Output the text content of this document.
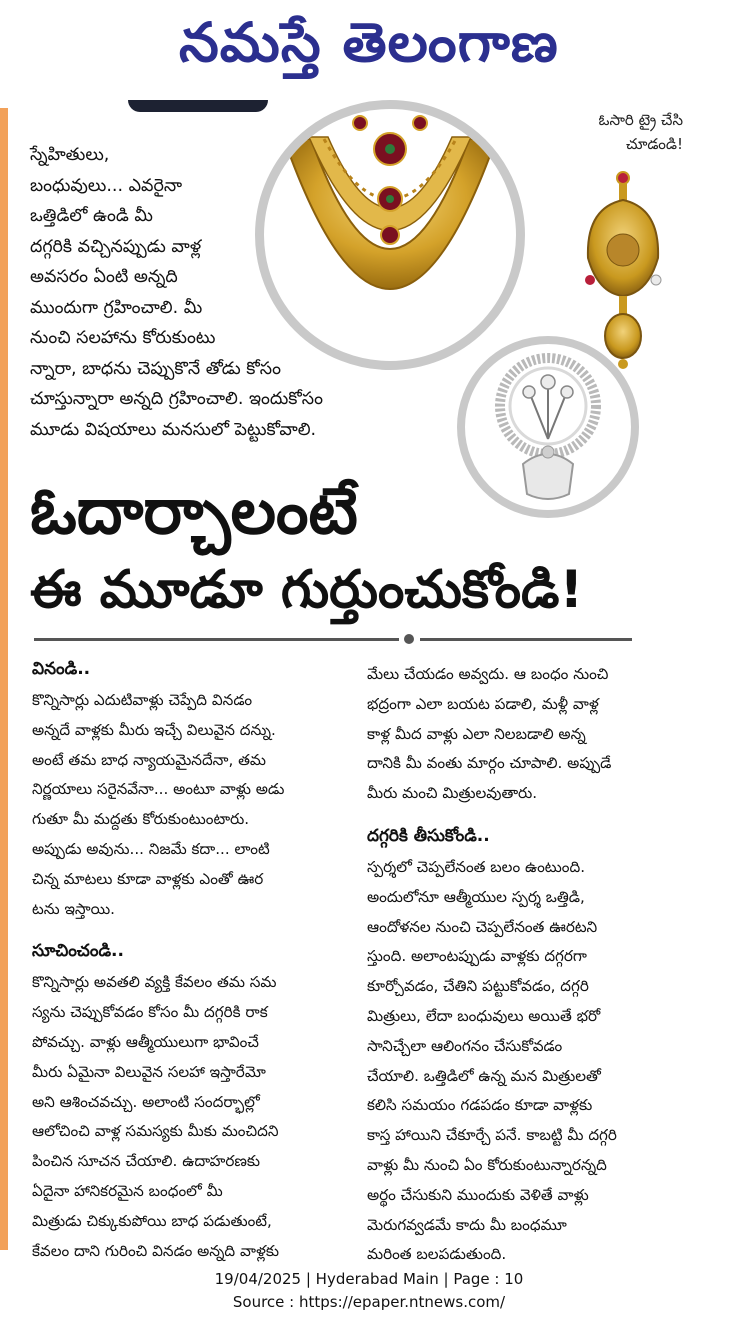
నమస్తే తెలంగాణ
ఓసారి ట్రై చేసి
చూడండి!
స్నేహితులు,
బంధువులు... ఎవరైనా
ఒత్తిడిలో ఉండి మీ
దగ్గరికి వచ్చినప్పుడు వాళ్ల
అవసరం ఏంటి అన్నది
ముందుగా గ్రహించాలి. మీ
నుంచి సలహాను కోరుకుంటు
న్నారా, బాధను చెప్పుకొనే తోడు కోసం
చూస్తున్నారా అన్నది గ్రహించాలి. ఇందుకోసం
మూడు విషయాలు మనసులో పెట్టుకోవాలి.
ఓదార్చాలంటే
ఈ మూడూ గుర్తుంచుకోండి!
వినండి..
కొన్నిసార్లు ఎదుటివాళ్లు చెప్పేది వినడం
అన్నదే వాళ్లకు మీరు ఇచ్చే విలువైన దన్ను.
అంటే తమ బాధ న్యాయమైనదేనా, తమ
నిర్ణయాలు సరైనవేనా... అంటూ వాళ్లు అడు
గుతూ మీ మద్దతు కోరుకుంటుంటారు.
అప్పుడు అవును... నిజమే కదా... లాంటి
చిన్న మాటలు కూడా వాళ్లకు ఎంతో ఊర
టను ఇస్తాయి.
సూచించండి..
కొన్నిసార్లు అవతలి వ్యక్తి కేవలం తమ సమ
స్యను చెప్పుకోవడం కోసం మీ దగ్గరికి రాక
పోవచ్చు. వాళ్లు ఆత్మీయులుగా భావించే
మీరు ఏమైనా విలువైన సలహా ఇస్తారేమో
అని ఆశించవచ్చు. అలాంటి సందర్భాల్లో
ఆలోచించి వాళ్ల సమస్యకు మీకు మంచిదని
పించిన సూచన చేయాలి. ఉదాహరణకు
ఏదైనా హానికరమైన బంధంలో మీ
మిత్రుడు చిక్కుకుపోయి బాధ పడుతుంటే,
కేవలం దాని గురించి వినడం అన్నది వాళ్లకు
మేలు చేయడం అవ్వదు. ఆ బంధం నుంచి
భద్రంగా ఎలా బయట పడాలి, మళ్లీ వాళ్ల
కాళ్ల మీద వాళ్లు ఎలా నిలబడాలి అన్న
దానికి మీ వంతు మార్గం చూపాలి. అప్పుడే
మీరు మంచి మిత్రులవుతారు.
దగ్గరికి తీసుకోండి..
స్పర్శలో చెప్పలేనంత బలం ఉంటుంది.
అందులోనూ ఆత్మీయుల స్పర్శ ఒత్తిడి,
ఆందోళనల నుంచి చెప్పలేనంత ఊరటని
స్తుంది. అలాంటప్పుడు వాళ్లకు దగ్గరగా
కూర్చోవడం, చేతిని పట్టుకోవడం, దగ్గరి
మిత్రులు, లేదా బంధువులు అయితే భరో
సానిచ్చేలా ఆలింగనం చేసుకోవడం
చేయాలి. ఒత్తిడిలో ఉన్న మన మిత్రులతో
కలిసి సమయం గడపడం కూడా వాళ్లకు
కాస్త హాయిని చేకూర్చే పనే. కాబట్టి మీ దగ్గరి
వాళ్లు మీ నుంచి ఏం కోరుకుంటున్నారన్నది
అర్థం చేసుకుని ముందుకు వెళితే వాళ్లు
మెరుగవ్వడమే కాదు మీ బంధమూ
మరింత బలపడుతుంది.
19/04/2025 | Hyderabad Main | Page : 10
Source : https://epaper.ntnews.com/
